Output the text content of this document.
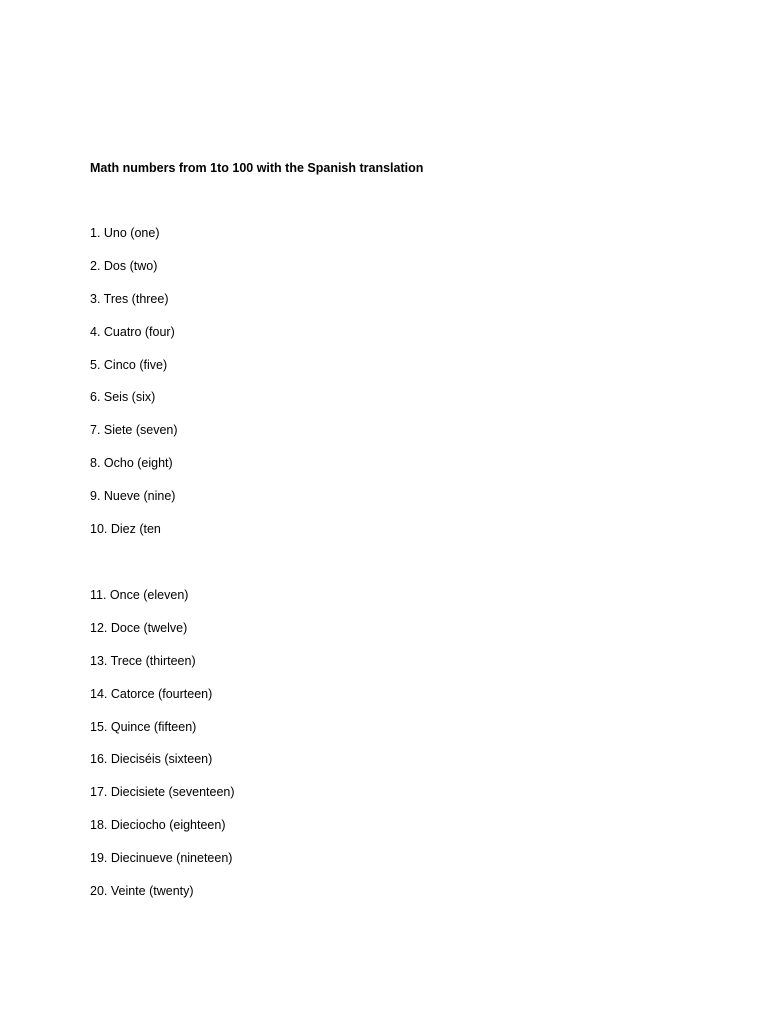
Math numbers from 1to 100 with the Spanish translation
1. Uno (one)
2. Dos (two)
3. Tres (three)
4. Cuatro (four)
5. Cinco (five)
6. Seis (six)
7. Siete (seven)
8. Ocho (eight)
9. Nueve (nine)
10. Diez (ten
11. Once (eleven)
12. Doce (twelve)
13. Trece (thirteen)
14. Catorce (fourteen)
15. Quince (fifteen)
16. Dieciséis (sixteen)
17. Diecisiete (seventeen)
18. Dieciocho (eighteen)
19. Diecinueve (nineteen)
20. Veinte (twenty)
